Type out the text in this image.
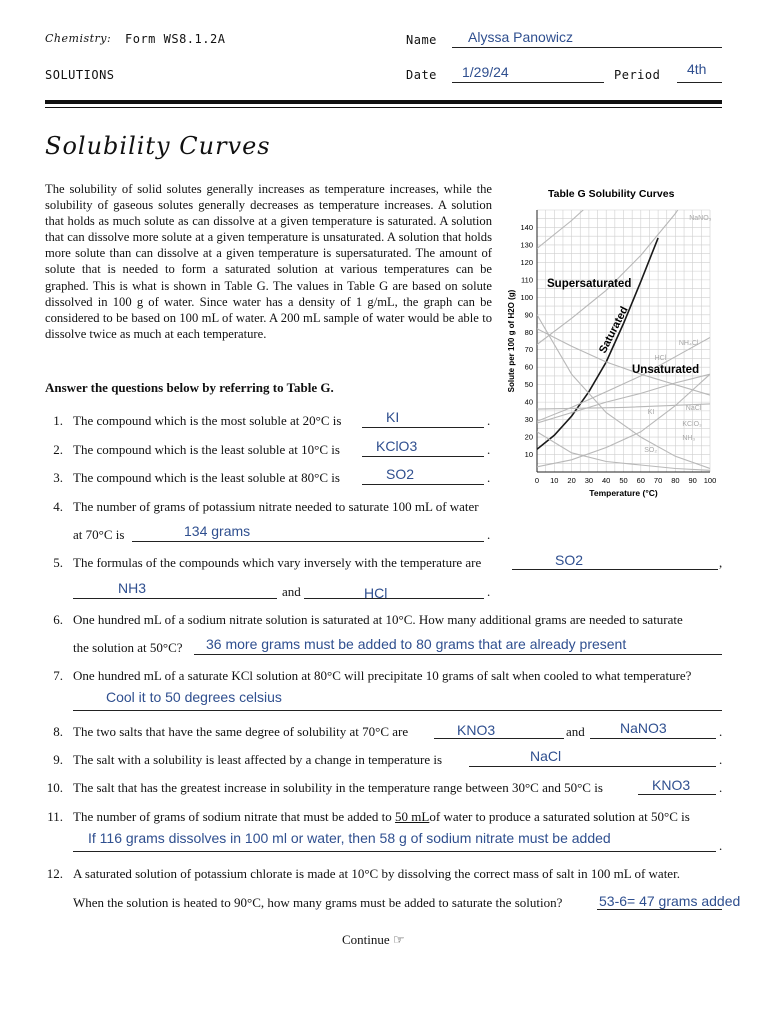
Chemistry: Form WS8.1.2A
SOLUTIONS
Name Alyssa Panowicz
Date 1/29/24	Period 4th
Solubility Curves
The solubility of solid solutes generally increases as temperature increases, while the solubility of gaseous solutes generally decreases as temperature increases. A solution that holds as much solute as can dissolve at a given temperature is saturated. A solution that can dissolve more solute at a given temperature is unsaturated. A solution that holds more solute than can dissolve at a given temperature is supersaturated. The amount of solute that is needed to form a saturated solution at various temperatures can be graphed. This is what is shown in Table G. The values in Table G are based on solute dissolved in 100 g of water. Since water has a density of 1 g/mL, the graph can be considered to be based on 100 mL of water. A 200 mL sample of water would be able to dissolve twice as much at each temperature.
Answer the questions below by referring to Table G.
Table G Solubility Curves
0 10 20 30 40 50 60 70 80 90 100
10
20
30
40
50
60
70
80
90
100
110
120
130
140
Temperature (°C)
Solute per 100 g of H2O (g)
KI
NaNO₃
NH₄Cl
HCl
NaCl
KClO₃
NH₃
SO₂
Supersaturated
Saturated
Unsaturated
1. The compound which is the most soluble at 20°C is	KI	.
2. The compound which is the least soluble at 10°C is	KClO3	.
3. The compound which is the least soluble at 80°C is	SO2	.
4. The number of grams of potassium nitrate needed to saturate 100 mL of water
at 70°C is	134 grams	.
5. The formulas of the compounds which vary inversely with the temperature are	SO2	,
NH3	and	HCl	.
6. One hundred mL of a sodium nitrate solution is saturated at 10°C. How many additional grams are needed to saturate
the solution at 50°C? 36 more grams must be added to 80 grams that are already present
7. One hundred mL of a saturate KCl solution at 80°C will precipitate 10 grams of salt when cooled to what temperature?
Cool it to 50 degrees celsius
8. The two salts that have the same degree of solubility at 70°C are	KNO3	and	NaNO3	.
9. The salt with a solubility is least affected by a change in temperature is	NaCl	.
10. The salt that has the greatest increase in solubility in the temperature range between 30°C and 50°C is	KNO3 .
11. The number of grams of sodium nitrate that must be added to 50 mLof water to produce a saturated solution at 50°C is
If 116 grams dissolves in 100 ml or water, then 58 g of sodium nitrate must be added	.
12. A saturated solution of potassium chlorate is made at 10°C by dissolving the correct mass of salt in 100 mL of water.
When the solution is heated to 90°C, how many grams must be added to saturate the solution?	53-6= 47 grams added
Continue ☞
